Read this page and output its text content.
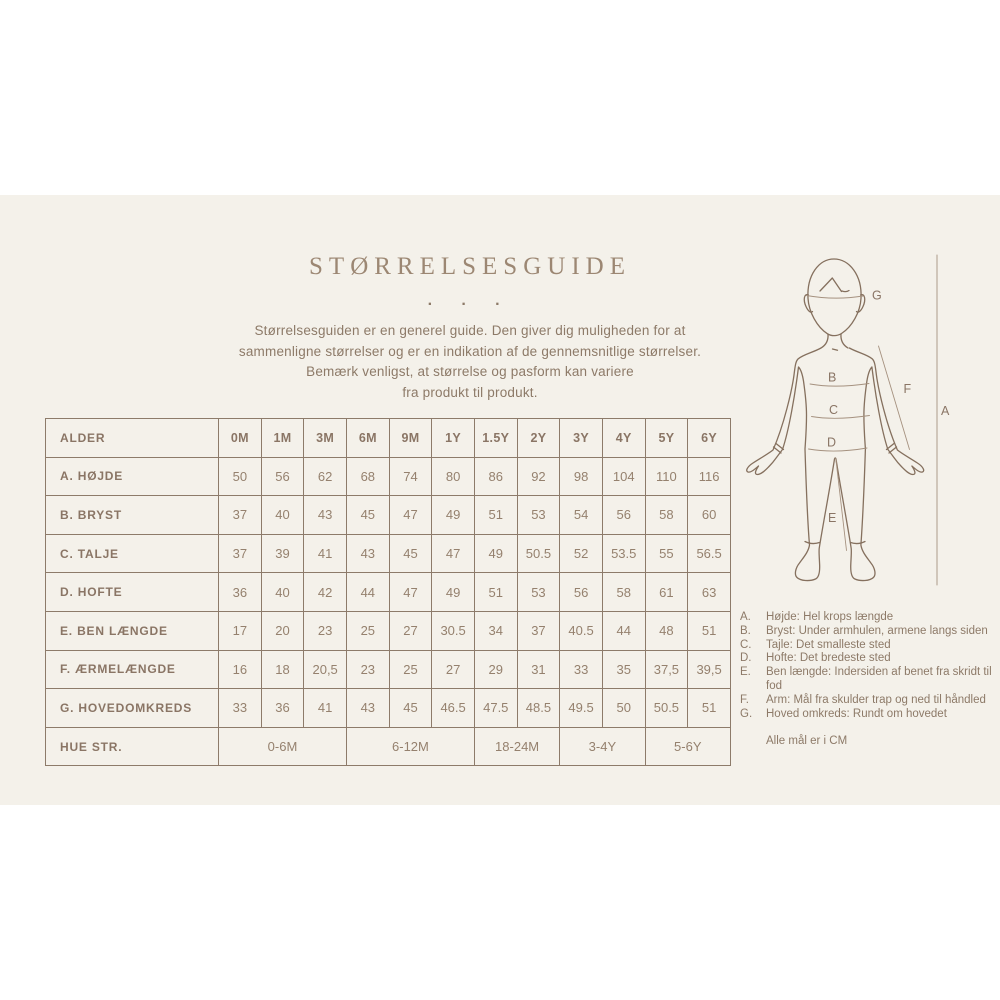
STØRRELSESGUIDE
· · ·
Størrelsesguiden er en generel guide. Den giver dig muligheden for at
sammenligne størrelser og er en indikation af de gennemsnitlige størrelser.
Bemærk venligst, at størrelse og pasform kan variere
fra produkt til produkt.
ALDER	0M	1M	3M	6M	9M	1Y	1.5Y	2Y	3Y	4Y	5Y	6Y
A. HØJDE	50	56	62	68	74	80	86	92	98	104	110	116
B. BRYST	37	40	43	45	47	49	51	53	54	56	58	60
C. TALJE	37	39	41	43	45	47	49	50.5	52	53.5	55	56.5
D. HOFTE	36	40	42	44	47	49	51	53	56	58	61	63
E. BEN LÆNGDE	17	20	23	25	27	30.5	34	37	40.5	44	48	51
F. ÆRMELÆNGDE	16	18	20,5	23	25	27	29	31	33	35	37,5	39,5
G. HOVEDOMKREDS	33	36	41	43	45	46.5	47.5	48.5	49.5	50	50.5	51
HUE STR.	0-6M			6-12M			18-24M		3-4Y		5-6Y	
G
B
C
D
E
F
A
A.	Højde: Hel krops længde
B.	Bryst: Under armhulen, armene langs siden
C.	Tajle: Det smalleste sted
D.	Hofte: Det bredeste sted
E.	Ben længde: Indersiden af benet fra skridt til fod
F.	Arm: Mål fra skulder trap og ned til håndled
G.	Hoved omkreds: Rundt om hovedet
Alle mål er i CM
